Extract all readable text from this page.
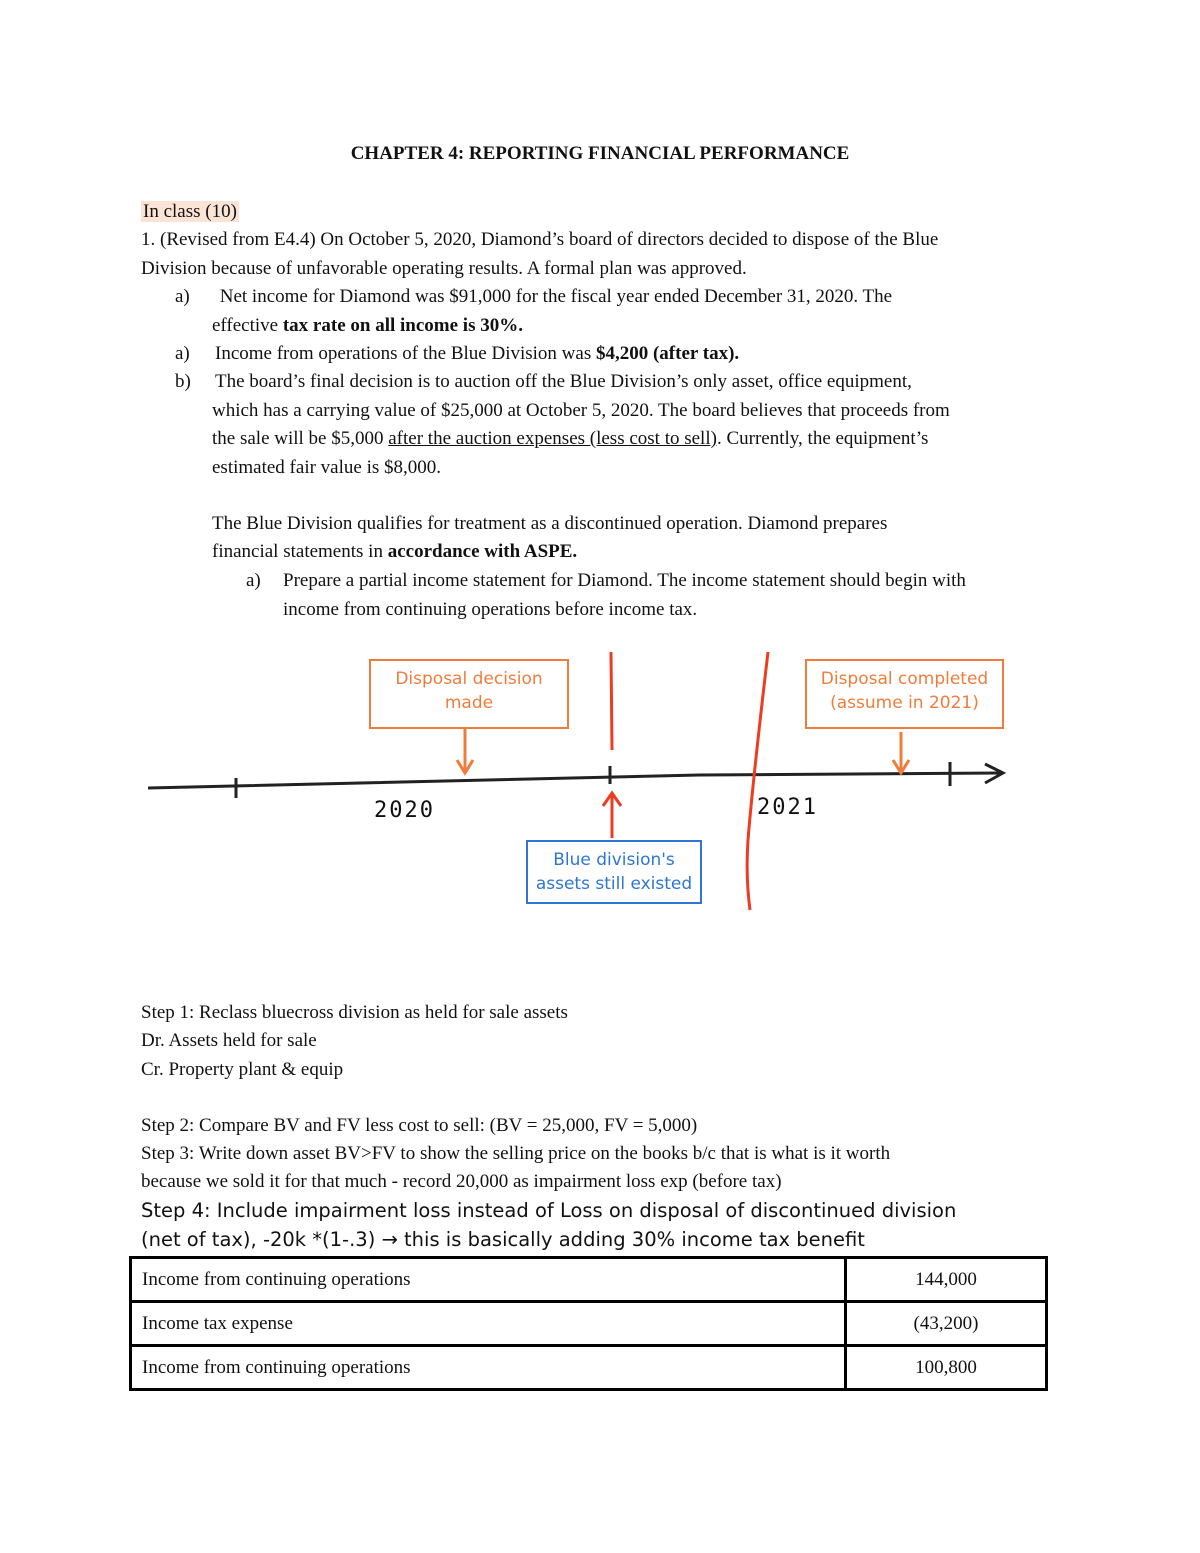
CHAPTER 4: REPORTING FINANCIAL PERFORMANCE
In class (10)
1. (Revised from E4.4) On October 5, 2020, Diamond’s board of directors decided to dispose of the Blue
Division because of unfavorable operating results. A formal plan was approved.
a) Net income for Diamond was $91,000 for the fiscal year ended December 31, 2020. The
effective tax rate on all income is 30%.
a) Income from operations of the Blue Division was $4,200 (after tax).
b) The board’s final decision is to auction off the Blue Division’s only asset, office equipment,
which has a carrying value of $25,000 at October 5, 2020. The board believes that proceeds from
the sale will be $5,000 after the auction expenses (less cost to sell). Currently, the equipment’s
estimated fair value is $8,000.
The Blue Division qualifies for treatment as a discontinued operation. Diamond prepares
financial statements in accordance with ASPE.
a) Prepare a partial income statement for Diamond. The income statement should begin with
income from continuing operations before income tax.
Disposal decision
made
Disposal completed
(assume in 2021)
Blue division's
assets still existed
2020	2021
Step 1: Reclass bluecross division as held for sale assets
Dr. Assets held for sale
Cr. Property plant & equip
Step 2: Compare BV and FV less cost to sell: (BV = 25,000, FV = 5,000)
Step 3: Write down asset BV>FV to show the selling price on the books b/c that is what is it worth
because we sold it for that much - record 20,000 as impairment loss exp (before tax)
Step 4: Include impairment loss instead of Loss on disposal of discontinued division
(net of tax), -20k *(1-.3) → this is basically adding 30% income tax benefit
Income from continuing operations	144,000
Income tax expense	(43,200)
Income from continuing operations	100,800
